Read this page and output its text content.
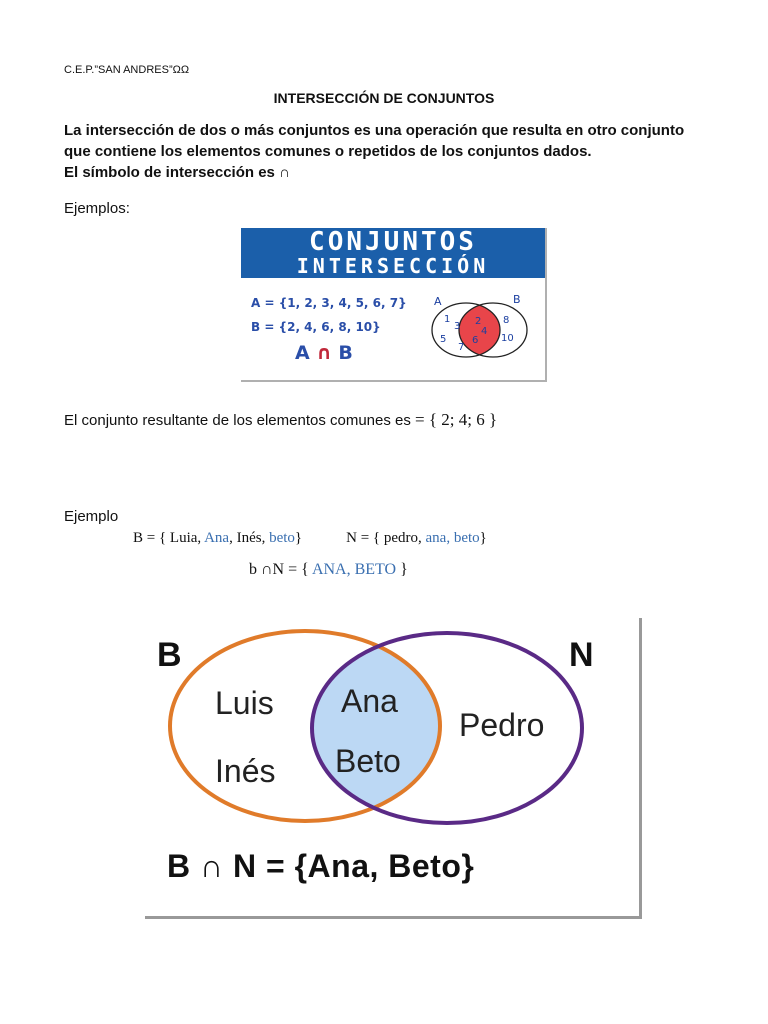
C.E.P.”SAN ANDRES”ΩΩ
INTERSECCIÓN DE CONJUNTOS
La intersección de dos o más conjuntos es una operación que resulta en otro conjunto
que contiene los elementos comunes o repetidos de los conjuntos dados.
El símbolo de intersección es ∩
Ejemplos:
CONJUNTOS
INTERSECCIÓN
A = {1, 2, 3, 4, 5, 6, 7}
B = {2, 4, 6, 8, 10}
A ∩ B
A	B
1
3
5
7
2
4
6
8
10
El conjunto resultante de los elementos comunes es = { 2; 4; 6 }
Ejemplo
B = { Luia, Ana, Inés, beto}	N = { pedro, ana, beto}
b ∩N = { ANA, BETO }
B	N
Luis
Inés
Ana
Beto
Pedro
B ∩ N = {Ana, Beto}
